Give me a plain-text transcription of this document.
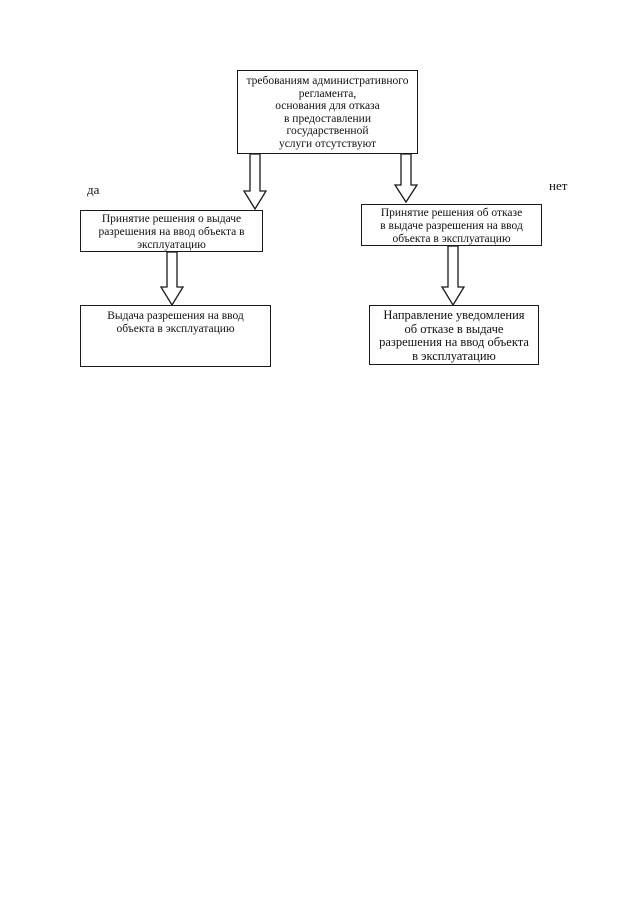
требованиям административного
регламента,
основания для отказа
в предоставлении
государственной
услуги отсутствуют
да	нет
Принятие решения о выдаче
разрешения на ввод объекта в
эксплуатацию
Принятие решения об отказе
в выдаче разрешения на ввод
объекта в эксплуатацию
Выдача разрешения на ввод
объекта в эксплуатацию
Направление уведомления
об отказе в выдаче
разрешения на ввод объекта
в эксплуатацию
